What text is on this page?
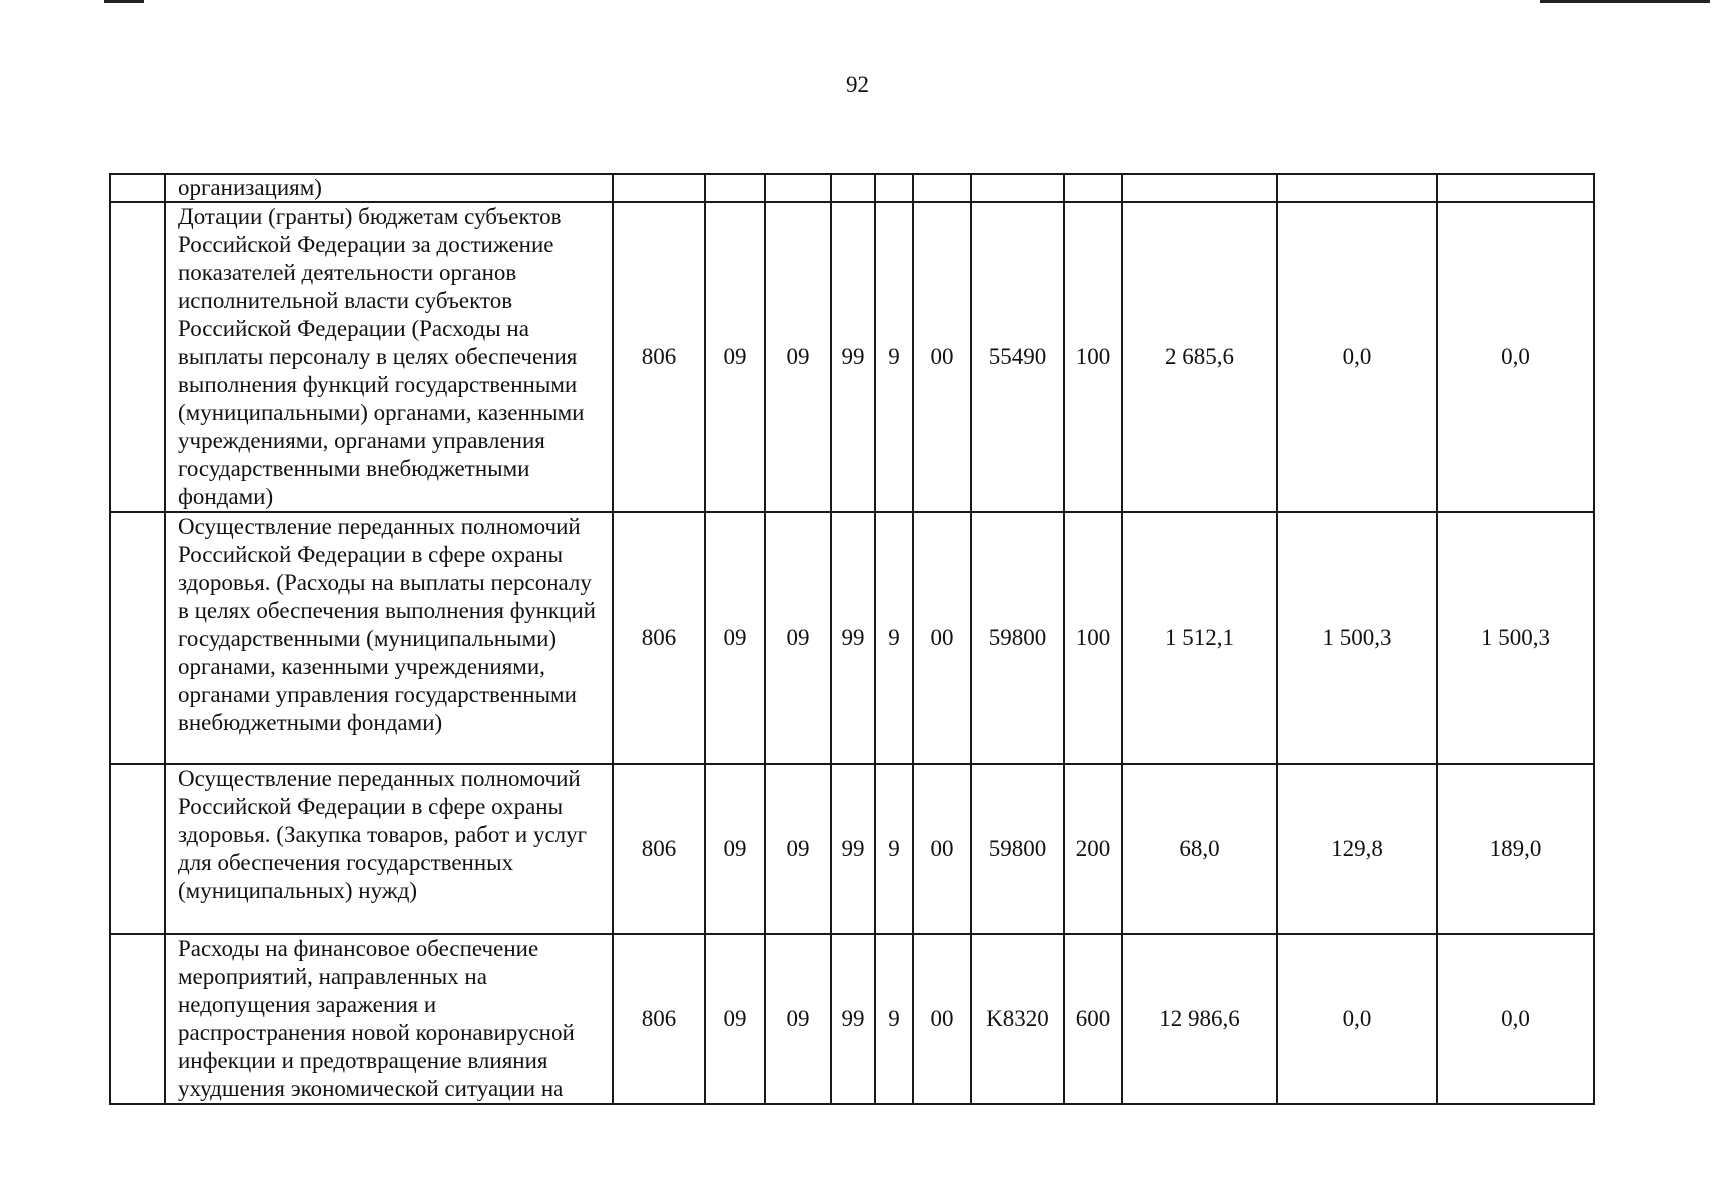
92

	организациям)											

	Дотации (гранты) бюджетам субъектов Российской Федерации за достижение показателей деятельности органов исполнительной власти субъектов Российской Федерации (Расходы на выплаты персоналу в целях обеспечения выполнения функций государственными (муниципальными) органами, казенными учреждениями, органами управления государственными внебюджетными фондами)	806	09	09	99	9	00	55490	100	2 685,6	0,0	0,0
	Осуществление переданных полномочий Российской Федерации в сфере охраны здоровья. (Расходы на выплаты персоналу в целях обеспечения выполнения функций государственными (муниципальными) органами, казенными учреждениями, органами управления государственными внебюджетными фондами)	806	09	09	99	9	00	59800	100	1 512,1	1 500,3	1 500,3
	Осуществление переданных полномочий Российской Федерации в сфере охраны здоровья. (Закупка товаров, работ и услуг для обеспечения государственных (муниципальных) нужд)	806	09	09	99	9	00	59800	200	68,0	129,8	189,0

	Расходы на финансовое обеспечение мероприятий, направленных на недопущения заражения и распространения новой коронавирусной инфекции и предотвращение влияния ухудшения экономической ситуации на	806	09	09	99	9	00	K8320	600	12 986,6	0,0	0,0
